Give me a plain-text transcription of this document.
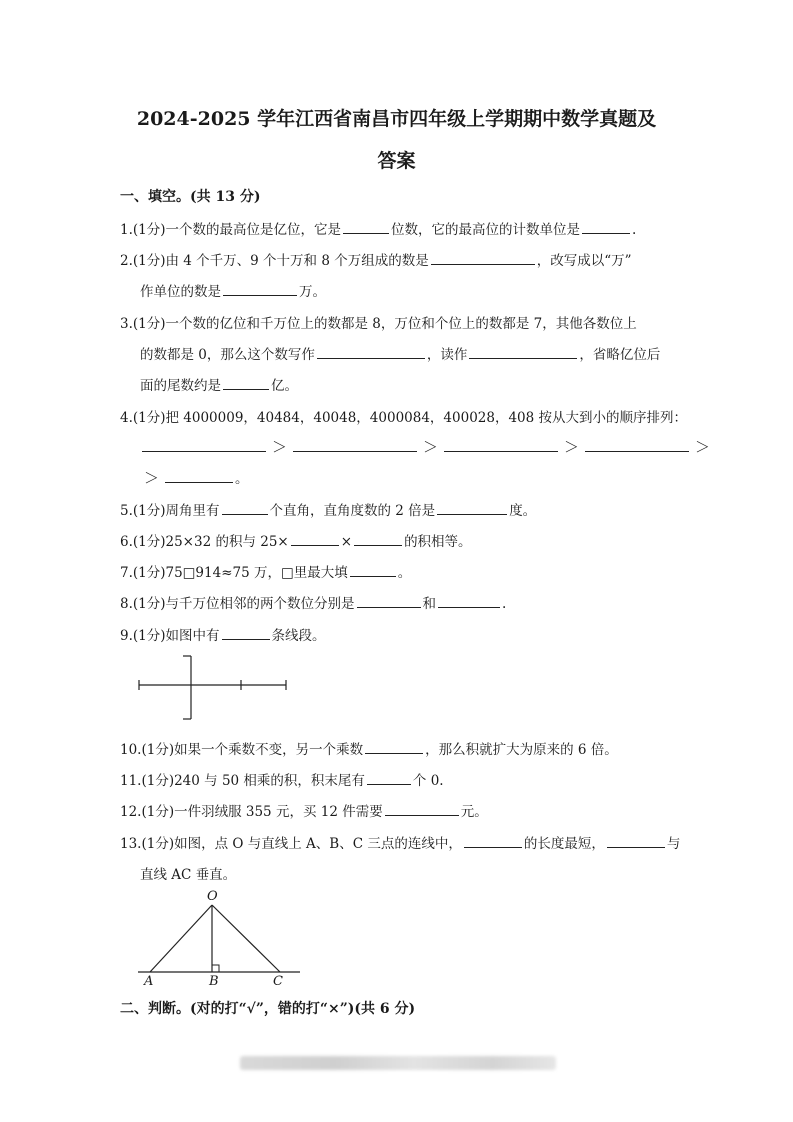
2024-2025 学年江西省南昌市四年级上学期期中数学真题及
答案
一、填空。(共 13 分)
1.(1分)一个数的最高位是亿位，它是	位数，它的最高位的计数单位是	.
2.(1分)由 4 个千万、9 个十万和 8 个万组成的数是	，改写成以“万”
作单位的数是	万。
3.(1分)一个数的亿位和千万位上的数都是 8，万位和个位上的数都是 7，其他各数位上
的数都是 0，那么这个数写作	，读作	，省略亿位后
面的尾数约是	亿。
4.(1分)把 4000009，40484，40048，4000084，400028，408 按从大到小的顺序排列：
＞	＞	＞	＞
＞	。
5.(1分)周角里有	个直角，直角度数的 2 倍是	度。
6.(1分)25×32 的积与 25×	×	的积相等。
7.(1分)75□914≈75 万，□里最大填	。
8.(1分)与千万位相邻的两个数位分别是	和	.
9.(1分)如图中有	条线段。
10.(1分)如果一个乘数不变，另一个乘数	，那么积就扩大为原来的 6 倍。
11.(1分)240 与 50 相乘的积，积末尾有	个 0.
12.(1分)一件羽绒服 355 元，买 12 件需要	元。
13.(1分)如图，点 O 与直线上 A、B、C 三点的连线中，	的长度最短，	与
直线 AC 垂直。
O
A	B	C
二、判断。(对的打“√”，错的打“×”)(共 6 分)
